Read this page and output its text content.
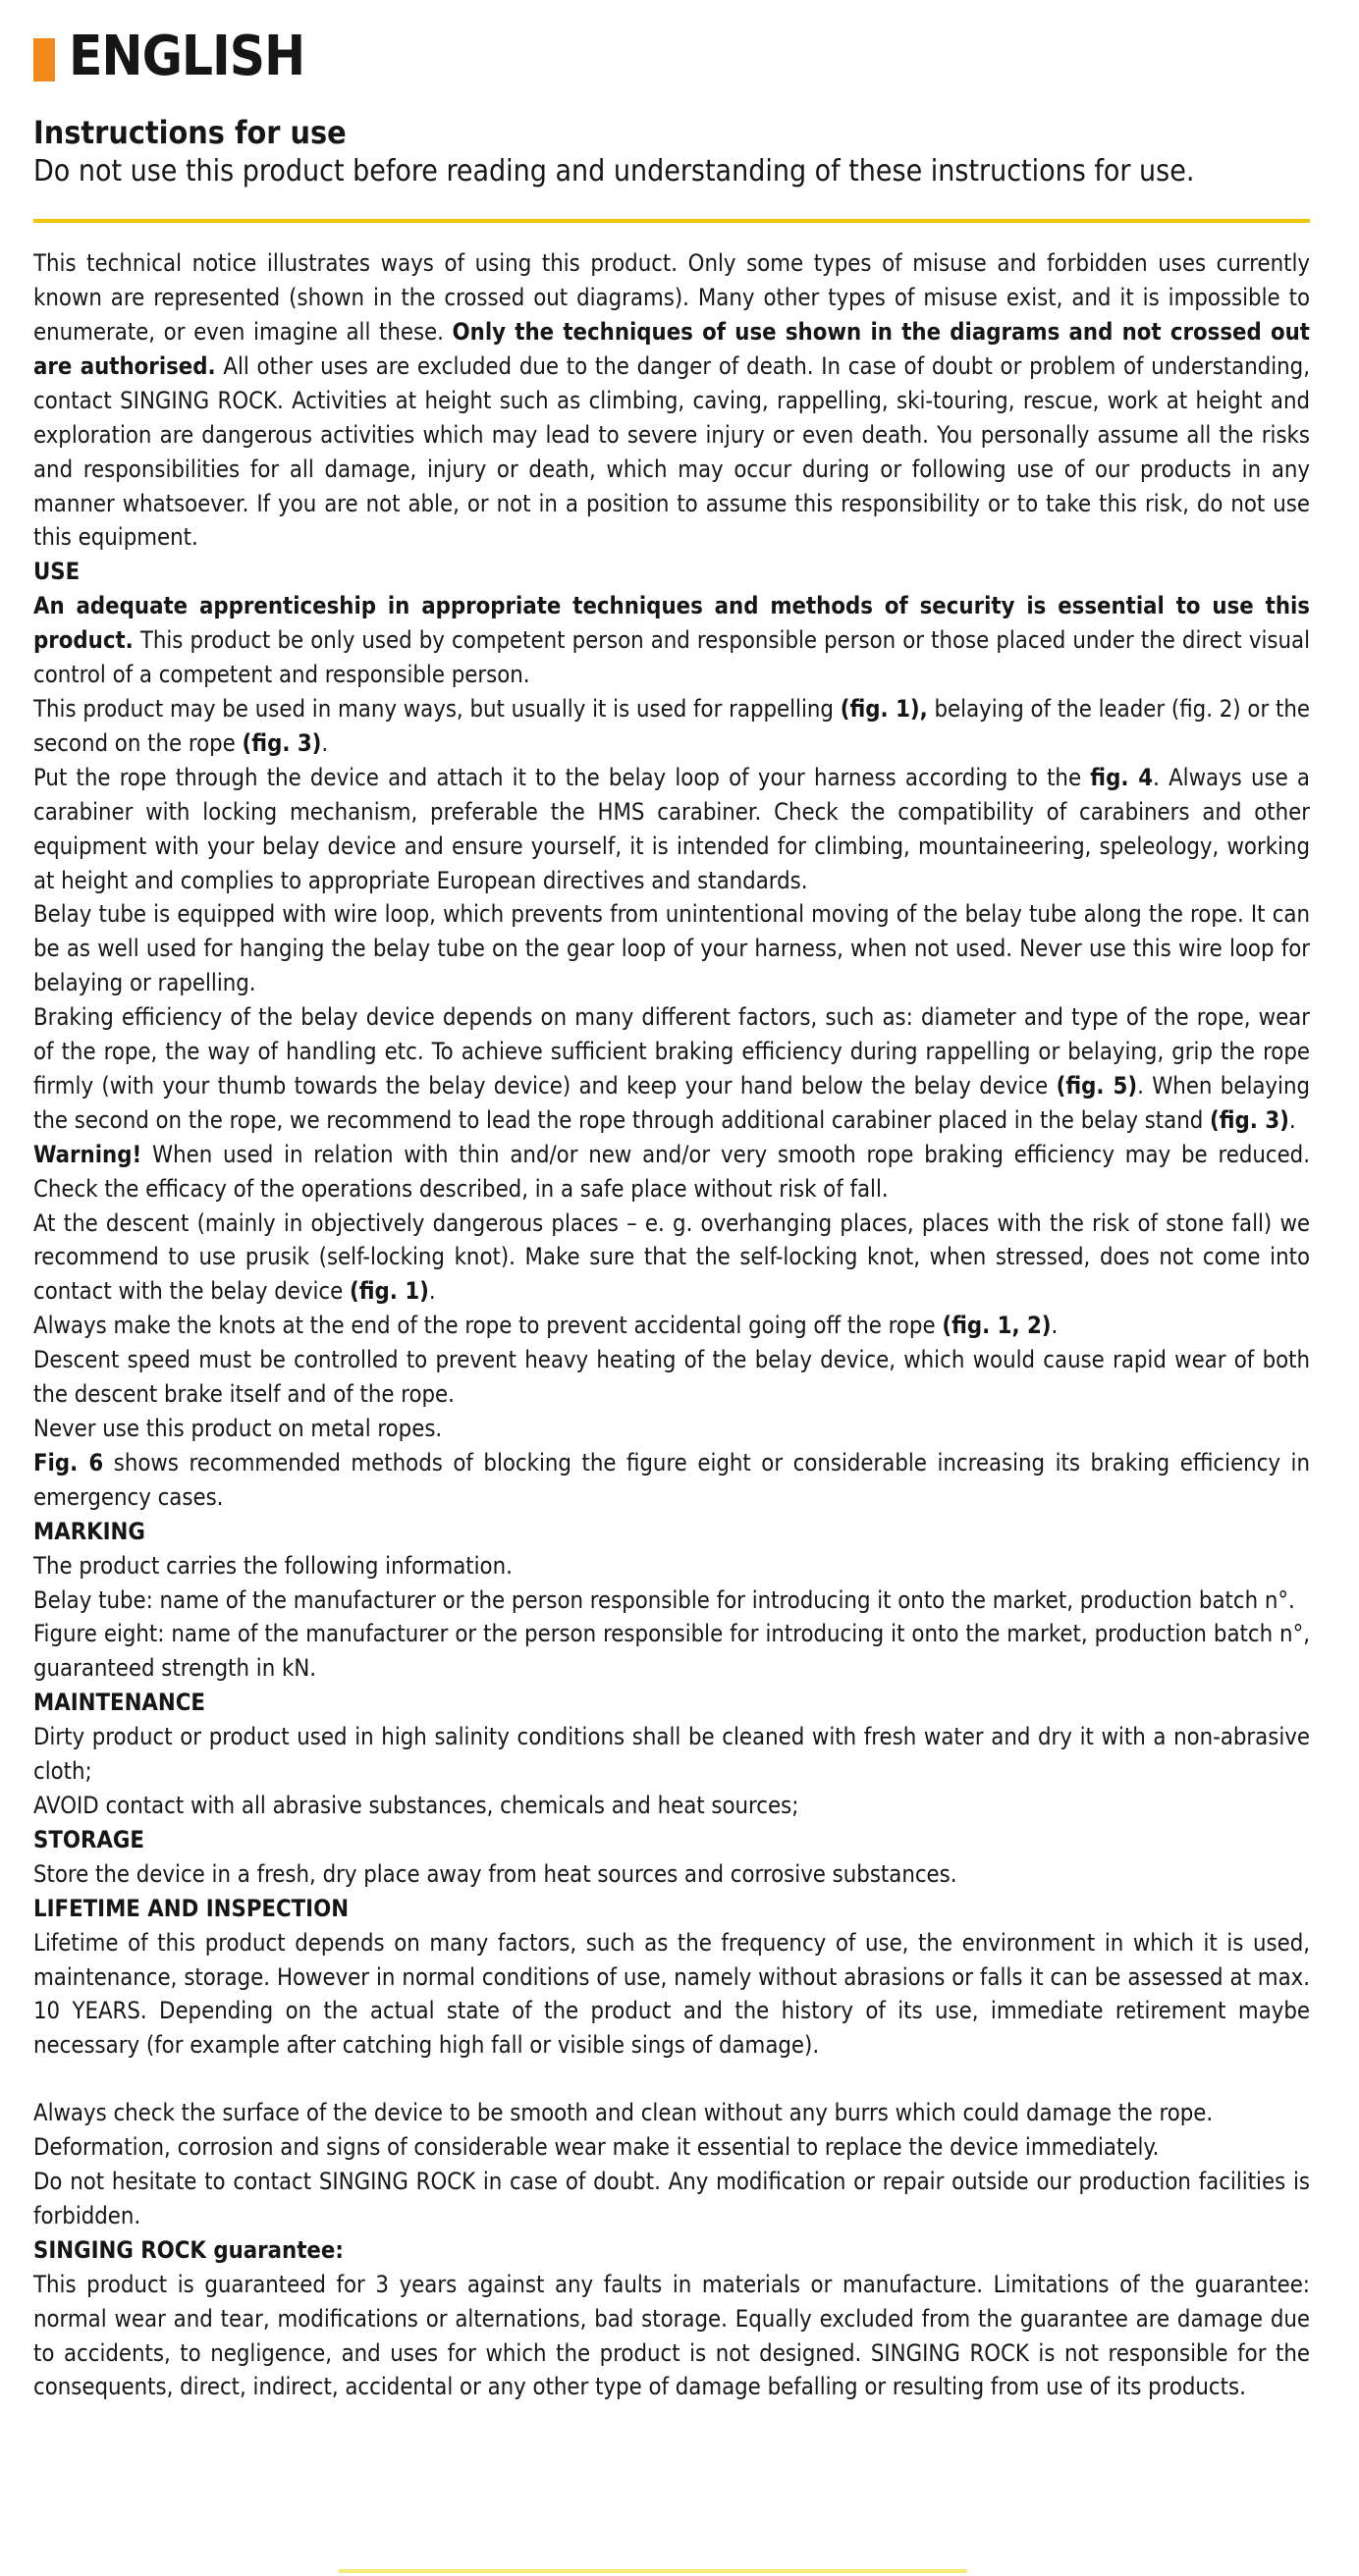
ENGLISH
Instructions for use
Do not use this product before reading and understanding of these instructions for use.

This technical notice illustrates ways of using this product. Only some types of misuse and forbidden uses currently known are represented (shown in the crossed out diagrams). Many other types of misuse exist, and it is impossible to enumerate, or even imagine all these. Only the techniques of use shown in the diagrams and not crossed out are authorised. All other uses are excluded due to the danger of death. In case of doubt or problem of understanding, contact SINGING ROCK. Activities at height such as climbing, caving, rappelling, ski-touring, rescue, work at height and exploration are dangerous activities which may lead to severe injury or even death. You personally assume all the risks and responsibilities for all damage, injury or death, which may occur during or following use of our products in any manner whatsoever. If you are not able, or not in a position to assume this responsibility or to take this risk, do not use this equipment.

USE

An adequate apprenticeship in appropriate techniques and methods of security is essential to use this product. This product be only used by competent person and responsible person or those placed under the direct visual control of a competent and responsible person.

This product may be used in many ways, but usually it is used for rappelling (fig. 1), belaying of the leader (fig. 2) or the second on the rope (fig. 3).

Put the rope through the device and attach it to the belay loop of your harness according to the fig. 4. Always use a carabiner with locking mechanism, preferable the HMS carabiner. Check the compatibility of carabiners and other equipment with your belay device and ensure yourself, it is intended for climbing, mountaineering, speleology, working at height and complies to appropriate European directives and standards.

Belay tube is equipped with wire loop, which prevents from unintentional moving of the belay tube along the rope. It can be as well used for hanging the belay tube on the gear loop of your harness, when not used. Never use this wire loop for belaying or rapelling.

Braking efficiency of the belay device depends on many different factors, such as: diameter and type of the rope, wear of the rope, the way of handling etc. To achieve sufficient braking efficiency during rappelling or belaying, grip the rope firmly (with your thumb towards the belay device) and keep your hand below the belay device (fig. 5). When belaying the second on the rope, we recommend to lead the rope through additional carabiner placed in the belay stand (fig. 3).

Warning! When used in relation with thin and/or new and/or very smooth rope braking efficiency may be reduced. Check the efficacy of the operations described, in a safe place without risk of fall.

At the descent (mainly in objectively dangerous places – e. g. overhanging places, places with the risk of stone fall) we recommend to use prusik (self-locking knot). Make sure that the self-locking knot, when stressed, does not come into contact with the belay device (fig. 1).

Always make the knots at the end of the rope to prevent accidental going off the rope (fig. 1, 2).

Descent speed must be controlled to prevent heavy heating of the belay device, which would cause rapid wear of both the descent brake itself and of the rope.

Never use this product on metal ropes.

Fig. 6 shows recommended methods of blocking the figure eight or considerable increasing its braking efficiency in emergency cases.

MARKING

The product carries the following information.

Belay tube: name of the manufacturer or the person responsible for introducing it onto the market, production batch n°.

Figure eight: name of the manufacturer or the person responsible for introducing it onto the market, production batch n°, guaranteed strength in kN.

MAINTENANCE

Dirty product or product used in high salinity conditions shall be cleaned with fresh water and dry it with a non-abrasive cloth;

AVOID contact with all abrasive substances, chemicals and heat sources;

STORAGE

Store the device in a fresh, dry place away from heat sources and corrosive substances.

LIFETIME AND INSPECTION

Lifetime of this product depends on many factors, such as the frequency of use, the environment in which it is used, maintenance, storage. However in normal conditions of use, namely without abrasions or falls it can be assessed at max. 10 YEARS. Depending on the actual state of the product and the history of its use, immediate retirement maybe necessary (for example after catching high fall or visible sings of damage).

Always check the surface of the device to be smooth and clean without any burrs which could damage the rope.

Deformation, corrosion and signs of considerable wear make it essential to replace the device immediately.

Do not hesitate to contact SINGING ROCK in case of doubt. Any modification or repair outside our production facilities is forbidden.

SINGING ROCK guarantee:

This product is guaranteed for 3 years against any faults in materials or manufacture. Limitations of the guarantee: normal wear and tear, modifications or alternations, bad storage. Equally excluded from the guarantee are damage due to accidents, to negligence, and uses for which the product is not designed. SINGING ROCK is not responsible for the consequents, direct, indirect, accidental or any other type of damage befalling or resulting from use of its products.
